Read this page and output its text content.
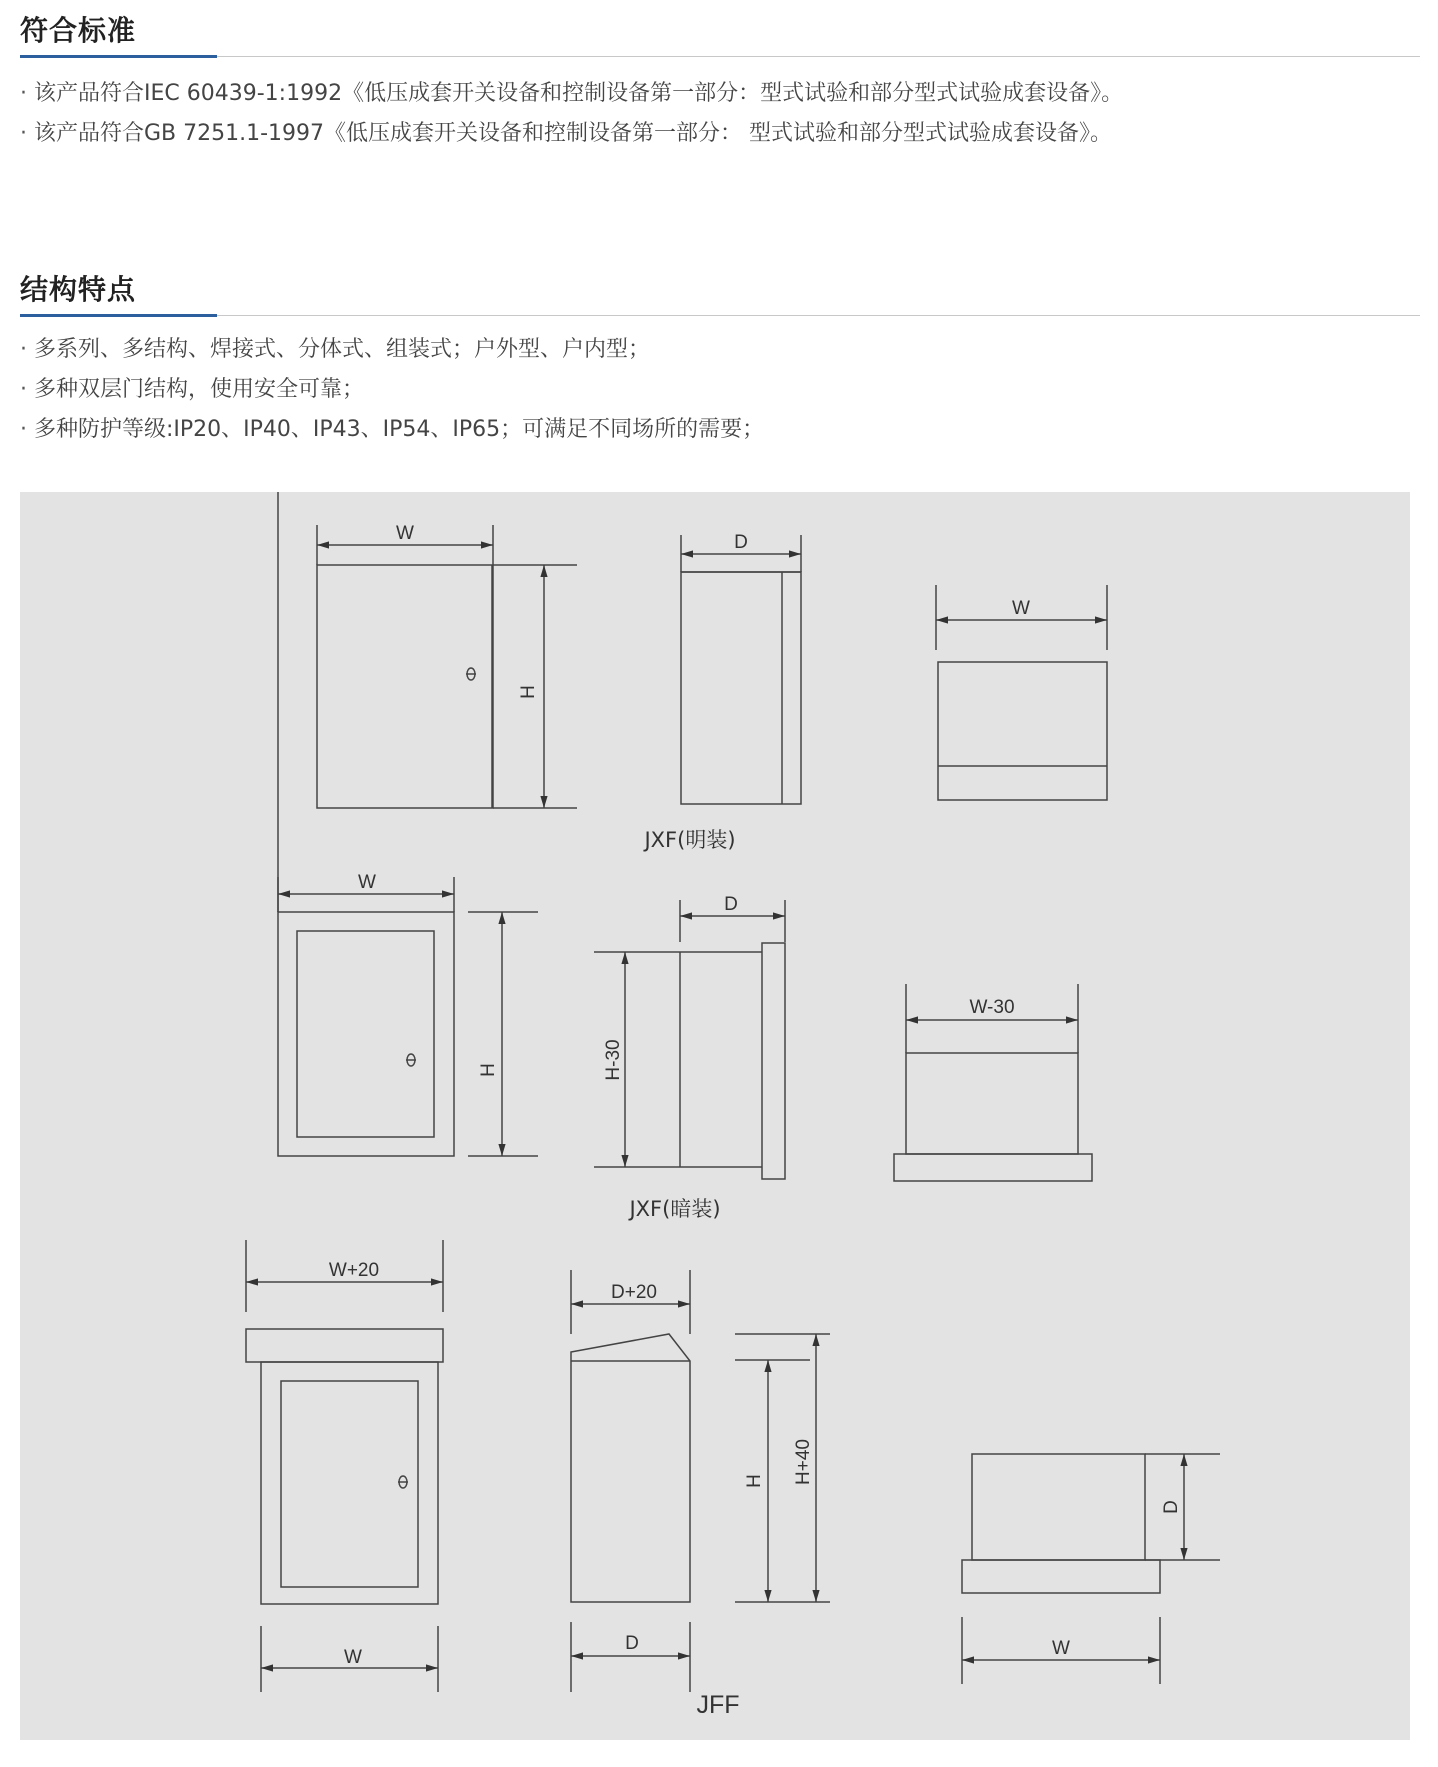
符合标准
· 该产品符合IEC 60439-1:1992《低压成套开关设备和控制设备第一部分：型式试验和部分型式试验成套设备》。
· 该产品符合GB 7251.1-1997《低压成套开关设备和控制设备第一部分： 型式试验和部分型式试验成套设备》。
结构特点
· 多系列、多结构、焊接式、分体式、组装式；户外型、户内型；
· 多种双层门结构，使用安全可靠；
· 多种防护等级:IP20、IP40、IP43、IP54、IP65；可满足不同场所的需要；
W
H
D
W
W
H	H-30
D
W-30
W+20
W
D+20
D
H H+40
D
W
JXF(明装)
JXF(暗装)
JFF
